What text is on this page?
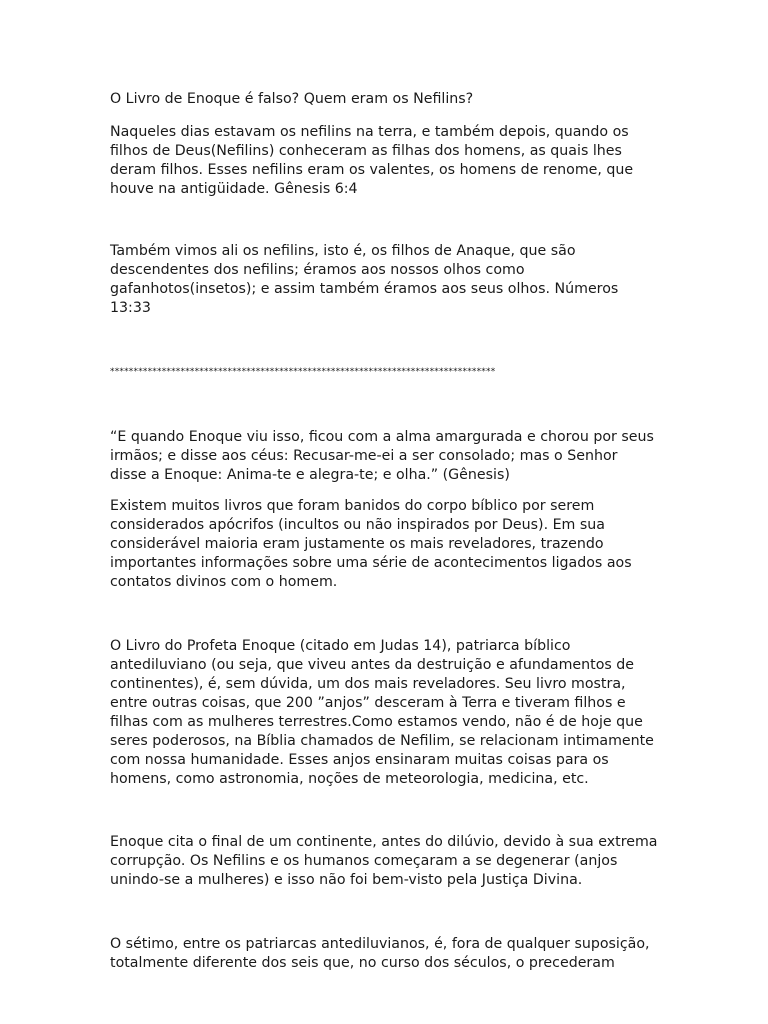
O Livro de Enoque é falso? Quem eram os Nefilins?

Naqueles dias estavam os nefilins na terra, e também depois, quando os
filhos de Deus(Nefilins) conheceram as filhas dos homens, as quais lhes
deram filhos. Esses nefilins eram os valentes, os homens de renome, que
houve na antigüidade. Gênesis 6:4

Também vimos ali os nefilins, isto é, os filhos de Anaque, que são
descendentes dos nefilins; éramos aos nossos olhos como
gafanhotos(insetos); e assim também éramos aos seus olhos. Números
13:33

**********************************************************************************

“E quando Enoque viu isso, ficou com a alma amargurada e chorou por seus
irmãos; e disse aos céus: Recusar-me-ei a ser consolado; mas o Senhor
disse a Enoque: Anima-te e alegra-te; e olha.” (Gênesis)

Existem muitos livros que foram banidos do corpo bíblico por serem
considerados apócrifos (incultos ou não inspirados por Deus). Em sua
considerável maioria eram justamente os mais reveladores, trazendo
importantes informações sobre uma série de acontecimentos ligados aos
contatos divinos com o homem.

O Livro do Profeta Enoque (citado em Judas 14), patriarca bíblico
antediluviano (ou seja, que viveu antes da destruição e afundamentos de
continentes), é, sem dúvida, um dos mais reveladores. Seu livro mostra,
entre outras coisas, que 200 ”anjos” desceram à Terra e tiveram filhos e
filhas com as mulheres terrestres.Como estamos vendo, não é de hoje que
seres poderosos, na Bíblia chamados de Nefilim, se relacionam intimamente
com nossa humanidade. Esses anjos ensinaram muitas coisas para os
homens, como astronomia, noções de meteorologia, medicina, etc.

Enoque cita o final de um continente, antes do dilúvio, devido à sua extrema
corrupção. Os Nefilins e os humanos começaram a se degenerar (anjos
unindo-se a mulheres) e isso não foi bem-visto pela Justiça Divina.

O sétimo, entre os patriarcas antediluvianos, é, fora de qualquer suposição,
totalmente diferente dos seis que, no curso dos séculos, o precederam
